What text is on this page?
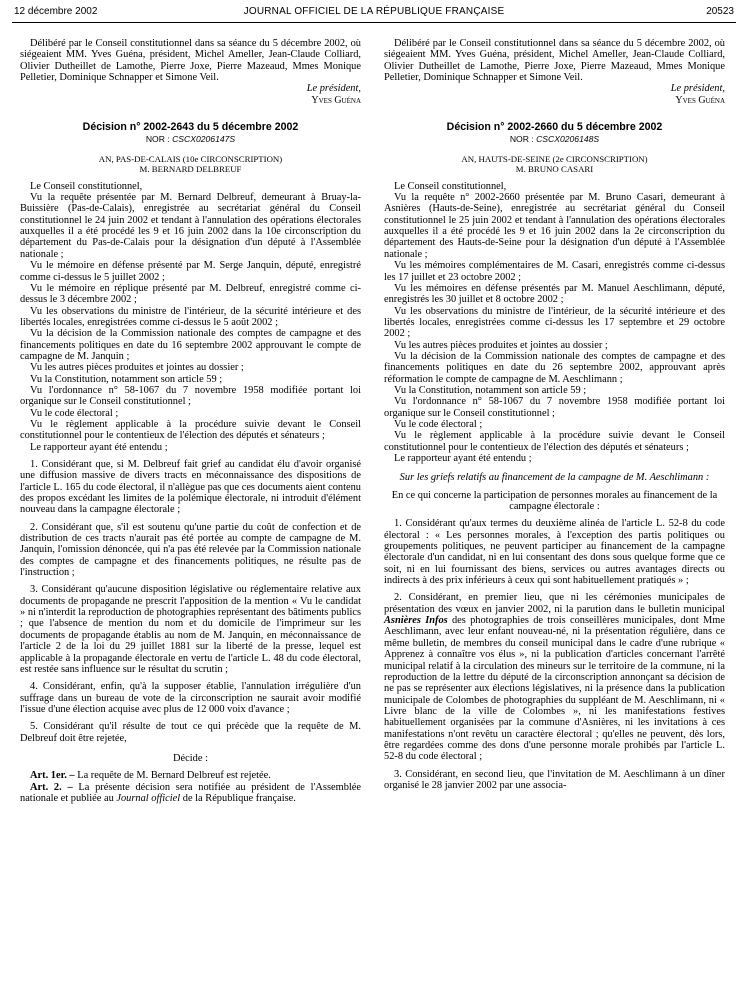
12 décembre 2002	JOURNAL OFFICIEL DE LA RÉPUBLIQUE FRANÇAISE	20523

Délibéré par le Conseil constitutionnel dans sa séance du 5 décembre 2002, où siégeaient MM. Yves Guéna, président, Michel Ameller, Jean-Claude Colliard, Olivier Dutheillet de Lamothe, Pierre Joxe, Pierre Mazeaud, Mmes Monique Pelletier, Dominique Schnapper et Simone Veil.

Le président,

Yves Guéna

Décision n° 2002-2643 du 5 décembre 2002

NOR : CSCX0206147S

AN, PAS-DE-CALAIS (10e CIRCONSCRIPTION)

M. BERNARD DELBREUF

Le Conseil constitutionnel,

Vu la requête présentée par M. Bernard Delbreuf, demeurant à Bruay-la-Buissière (Pas-de-Calais), enregistrée au secrétariat général du Conseil constitutionnel le 24 juin 2002 et tendant à l'annulation des opérations électorales auxquelles il a été procédé les 9 et 16 juin 2002 dans la 10e circonscription du département du Pas-de-Calais pour la désignation d'un député à l'Assemblée nationale ;

Vu le mémoire en défense présenté par M. Serge Janquin, député, enregistré comme ci-dessus le 5 juillet 2002 ;

Vu le mémoire en réplique présenté par M. Delbreuf, enregistré comme ci-dessus le 3 décembre 2002 ;

Vu les observations du ministre de l'intérieur, de la sécurité intérieure et des libertés locales, enregistrées comme ci-dessus le 5 août 2002 ;

Vu la décision de la Commission nationale des comptes de campagne et des financements politiques en date du 16 septembre 2002 approuvant le compte de campagne de M. Janquin ;

Vu les autres pièces produites et jointes au dossier ;

Vu la Constitution, notamment son article 59 ;

Vu l'ordonnance n° 58-1067 du 7 novembre 1958 modifiée portant loi organique sur le Conseil constitutionnel ;

Vu le code électoral ;

Vu le règlement applicable à la procédure suivie devant le Conseil constitutionnel pour le contentieux de l'élection des députés et sénateurs ;

Le rapporteur ayant été entendu ;

1. Considérant que, si M. Delbreuf fait grief au candidat élu d'avoir organisé une diffusion massive de divers tracts en méconnaissance des dispositions de l'article L. 165 du code électoral, il n'allègue pas que ces documents aient contenu des propos excédant les limites de la polémique électorale, ni introduit d'élément nouveau dans la campagne électorale ;

2. Considérant que, s'il est soutenu qu'une partie du coût de confection et de distribution de ces tracts n'aurait pas été portée au compte de campagne de M. Janquin, l'omission dénoncée, qui n'a pas été relevée par la Commission nationale des comptes de campagne et des financements politiques, ne résulte pas de l'instruction ;

3. Considérant qu'aucune disposition législative ou réglementaire relative aux documents de propagande ne prescrit l'apposition de la mention « Vu le candidat » ni n'interdit la reproduction de photographies représentant des bâtiments publics ; que l'absence de mention du nom et du domicile de l'imprimeur sur les documents de propagande établis au nom de M. Janquin, en méconnaissance de l'article 2 de la loi du 29 juillet 1881 sur la liberté de la presse, lequel est applicable à la propagande électorale en vertu de l'article L. 48 du code électoral, est restée sans influence sur le résultat du scrutin ;

4. Considérant, enfin, qu'à la supposer établie, l'annulation irrégulière d'un suffrage dans un bureau de vote de la circonscription ne saurait avoir modifié l'issue d'une élection acquise avec plus de 12 000 voix d'avance ;

5. Considérant qu'il résulte de tout ce qui précède que la requête de M. Delbreuf doit être rejetée,

Décide :

Art. 1er. – La requête de M. Bernard Delbreuf est rejetée.

Art. 2. – La présente décision sera notifiée au président de l'Assemblée nationale et publiée au Journal officiel de la République française.

Délibéré par le Conseil constitutionnel dans sa séance du 5 décembre 2002, où siégeaient MM. Yves Guéna, président, Michel Ameller, Jean-Claude Colliard, Olivier Dutheillet de Lamothe, Pierre Joxe, Pierre Mazeaud, Mmes Monique Pelletier, Dominique Schnapper et Simone Veil.

Le président,

Yves Guéna

Décision n° 2002-2660 du 5 décembre 2002

NOR : CSCX0206148S

AN, HAUTS-DE-SEINE (2e CIRCONSCRIPTION)

M. BRUNO CASARI

Le Conseil constitutionnel,

Vu la requête n° 2002-2660 présentée par M. Bruno Casari, demeurant à Asnières (Hauts-de-Seine), enregistrée au secrétariat général du Conseil constitutionnel le 25 juin 2002 et tendant à l'annulation des opérations électorales auxquelles il a été procédé les 9 et 16 juin 2002 dans la 2e circonscription du département des Hauts-de-Seine pour la désignation d'un député à l'Assemblée nationale ;

Vu les mémoires complémentaires de M. Casari, enregistrés comme ci-dessus les 17 juillet et 23 octobre 2002 ;

Vu les mémoires en défense présentés par M. Manuel Aeschlimann, député, enregistrés les 30 juillet et 8 octobre 2002 ;

Vu les observations du ministre de l'intérieur, de la sécurité intérieure et des libertés locales, enregistrées comme ci-dessus les 17 septembre et 29 octobre 2002 ;

Vu les autres pièces produites et jointes au dossier ;

Vu la décision de la Commission nationale des comptes de campagne et des financements politiques en date du 26 septembre 2002, approuvant après réformation le compte de campagne de M. Aeschlimann ;

Vu la Constitution, notamment son article 59 ;

Vu l'ordonnance n° 58-1067 du 7 novembre 1958 modifiée portant loi organique sur le Conseil constitutionnel ;

Vu le code électoral ;

Vu le règlement applicable à la procédure suivie devant le Conseil constitutionnel pour le contentieux de l'élection des députés et sénateurs ;

Le rapporteur ayant été entendu ;

Sur les griefs relatifs au financement de la campagne de M. Aeschlimann :

En ce qui concerne la participation de personnes morales au financement de la campagne électorale :

1. Considérant qu'aux termes du deuxième alinéa de l'article L. 52-8 du code électoral : « Les personnes morales, à l'exception des partis politiques ou groupements politiques, ne peuvent participer au financement de la campagne électorale d'un candidat, ni en lui consentant des dons sous quelque forme que ce soit, ni en lui fournissant des biens, services ou autres avantages directs ou indirects à des prix inférieurs à ceux qui sont habituellement pratiqués » ;

2. Considérant, en premier lieu, que ni les cérémonies municipales de présentation des vœux en janvier 2002, ni la parution dans le bulletin municipal Asnières Infos des photographies de trois conseillères municipales, dont Mme Aeschlimann, avec leur enfant nouveau-né, ni la présentation régulière, dans ce même bulletin, de membres du conseil municipal dans le cadre d'une rubrique « Apprenez à connaître vos élus », ni la publication d'articles concernant l'arrêté municipal relatif à la circulation des mineurs sur le territoire de la commune, ni la reproduction de la lettre du député de la circonscription annonçant sa décision de ne pas se représenter aux élections législatives, ni la présence dans la publication municipale de Colombes de photographies du suppléant de M. Aeschlimann, ni « Livre blanc de la ville de Colombes », ni les manifestations festives habituellement organisées par la commune d'Asnières, ni les invitations à ces manifestations n'ont revêtu un caractère électoral ; qu'elles ne peuvent, dès lors, être regardées comme des dons d'une personne morale prohibés par l'article L. 52-8 du code électoral ;

3. Considérant, en second lieu, que l'invitation de M. Aeschlimann à un dîner organisé le 28 janvier 2002 par une associa-
